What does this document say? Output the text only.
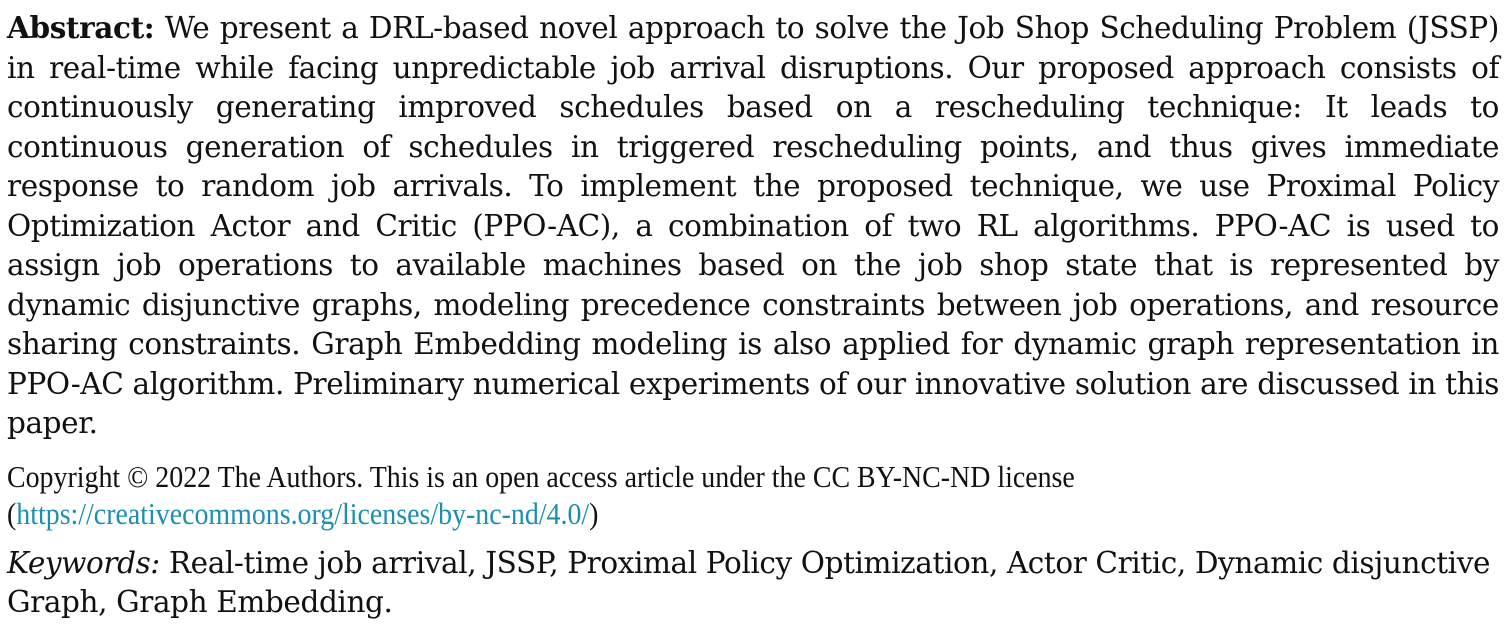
Abstract: We present a DRL-based novel approach to solve the Job Shop Scheduling Problem (JSSP) in real-time while facing unpredictable job arrival disruptions. Our proposed approach consists of continuously generating improved schedules based on a rescheduling technique: It leads to continuous generation of schedules in triggered rescheduling points, and thus gives immediate response to random job arrivals. To implement the proposed technique, we use Proximal Policy Optimization Actor and Critic (PPO-AC), a combination of two RL algorithms. PPO-AC is used to assign job operations to available machines based on the job shop state that is represented by dynamic disjunctive graphs, modeling precedence constraints between job operations, and resource sharing constraints. Graph Embedding modeling is also applied for dynamic graph representation in PPO-AC algorithm. Preliminary numerical experiments of our innovative solution are discussed in this paper.

Copyright © 2022 The Authors. This is an open access article under the CC BY-NC-ND license
(https://creativecommons.org/licenses/by-nc-nd/4.0/)

Keywords: Real-time job arrival, JSSP, Proximal Policy Optimization, Actor Critic, Dynamic disjunctive Graph, Graph Embedding.
